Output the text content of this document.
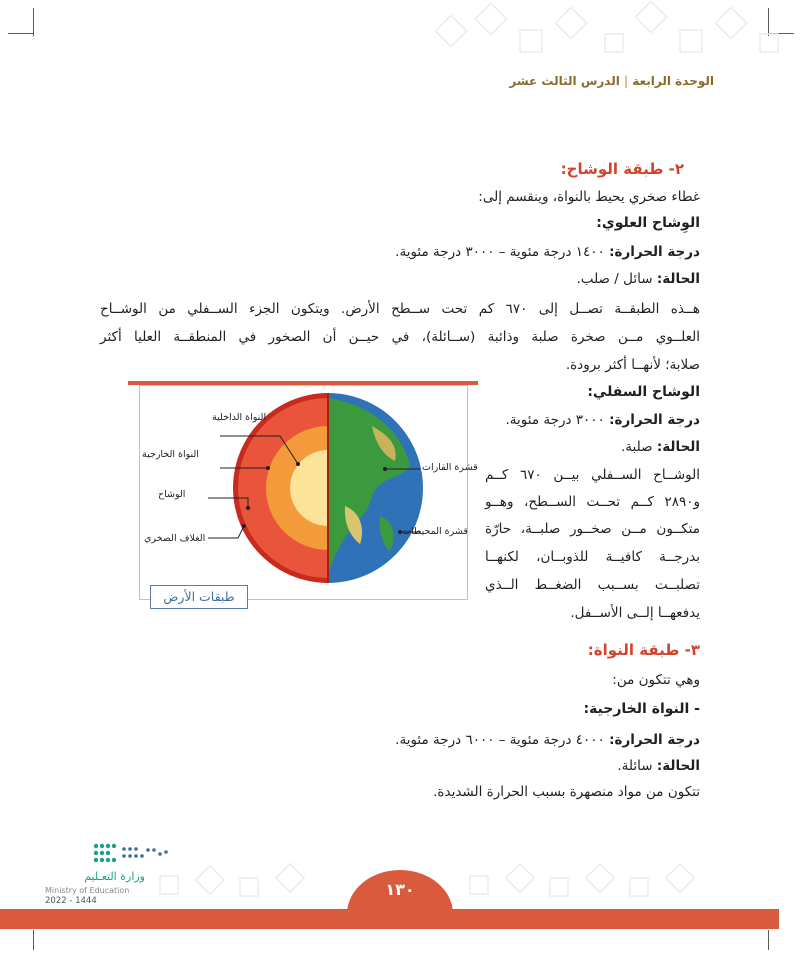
الوحدة الرابعة|الدرس الثالث عشر
٢- طبقة الوشاح:
غطاء صخري يحيط بالنواة، وينقسم إلى:
الوِشاح العلوي:
درجة الحرارة: ١٤٠٠ درجة مئوية – ٣٠٠٠ درجة مئوية.
الحالة: سائل / صلب.
هــذه الطبقــة تصــل إلى ٦٧٠ كم تحت ســطح الأرض. ويتكون الجزء الســفلي من الوشــاح
العلــوي مــن صخرة صلبة وذائبة (ســائلة)، في حيــن أن الصخور في المنطقــة العليا أكثر
صلابة؛ لأنهــا أكثر برودة.
الوشاح السفلي:
درجة الحرارة: ٣٠٠٠ درجة مئوية.
الحالة: صلبة.
الوشــاح الســفلي بيــن ٦٧٠ كــم
و٢٨٩٠ كــم تحــت الســطح، وهــو
متكــون مــن صخــور صلبــة، حارّة
بدرجــة كافيــة للذوبــان، لكنهــا
تصلبــت بســبب الضغــط الــذي
يدفعهــا إلــى الأســفل.
النواة الداخلية
النواة الخارجية
الوشاح
الغلاف الصخري
قشرة القارات
قشرة المحيطات
طبقات الأرض
٣- طبقة النواة:
وهي تتكون من:
- النواة الخارجية:
درجة الحرارة: ٤٠٠٠ درجة مئوية – ٦٠٠٠ درجة مئوية.
الحالة: سائلة.
تتكون من مواد منصهرة بسبب الحرارة الشديدة.
١٣٠
وزارة التعـليم
Ministry of Education
2022 - 1444
